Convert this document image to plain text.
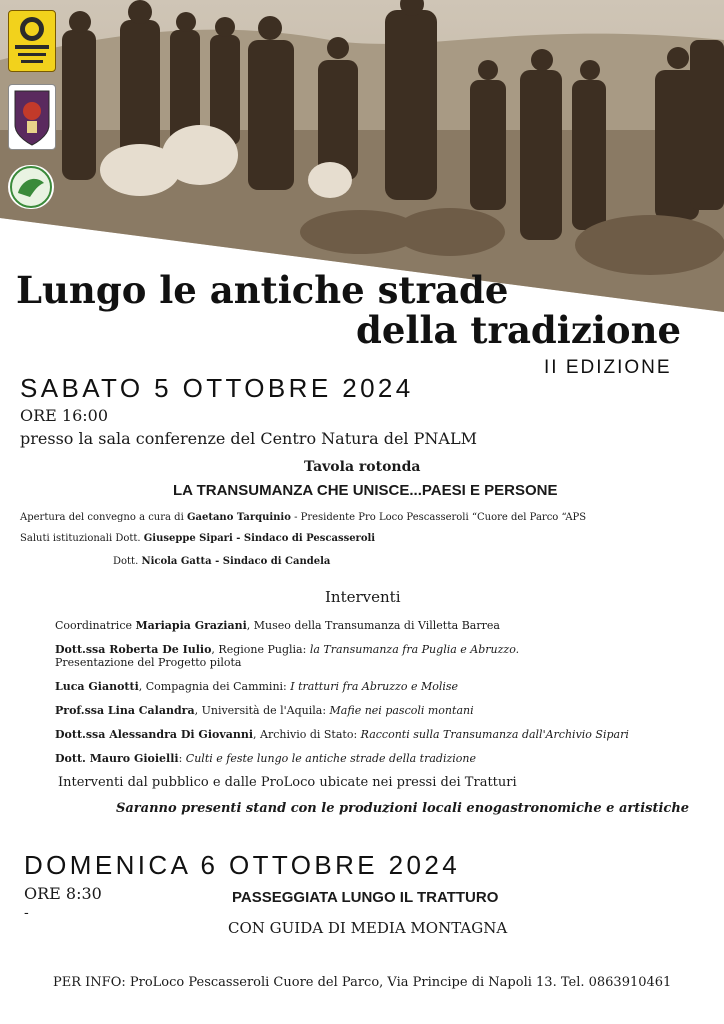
Lungo le antiche strade
della tradizione
II EDIZIONE
SABATO 5 OTTOBRE 2024
ORE 16:00
presso la sala conferenze del Centro Natura del PNALM
Tavola rotonda
LA TRANSUMANZA CHE UNISCE...PAESI E PERSONE
Apertura del convegno a cura di Gaetano Tarquinio - Presidente Pro Loco Pescasseroli “Cuore del Parco “APS
Saluti istituzionali Dott. Giuseppe Sipari - Sindaco di Pescasseroli
Dott. Nicola Gatta - Sindaco di Candela
Interventi
Coordinatrice Mariapia Graziani, Museo della Transumanza di Villetta Barrea
Dott.ssa Roberta De Iulio, Regione Puglia: la Transumanza fra Puglia e Abruzzo.
Presentazione del Progetto pilota
Luca Gianotti, Compagnia dei Cammini: I tratturi fra Abruzzo e Molise
Prof.ssa Lina Calandra, Università de l'Aquila: Mafie nei pascoli montani
Dott.ssa Alessandra Di Giovanni, Archivio di Stato: Racconti sulla Transumanza dall'Archivio Sipari
Dott. Mauro Gioielli: Culti e feste lungo le antiche strade della tradizione
Interventi dal pubblico e dalle ProLoco ubicate nei pressi dei Tratturi
Saranno presenti stand con le produzioni locali enogastronomiche e artistiche
DOMENICA 6 OTTOBRE 2024
ORE 8:30
-
PASSEGGIATA LUNGO IL TRATTURO
CON GUIDA DI MEDIA MONTAGNA
PER INFO: ProLoco Pescasseroli Cuore del Parco, Via Principe di Napoli 13. Tel. 0863910461
